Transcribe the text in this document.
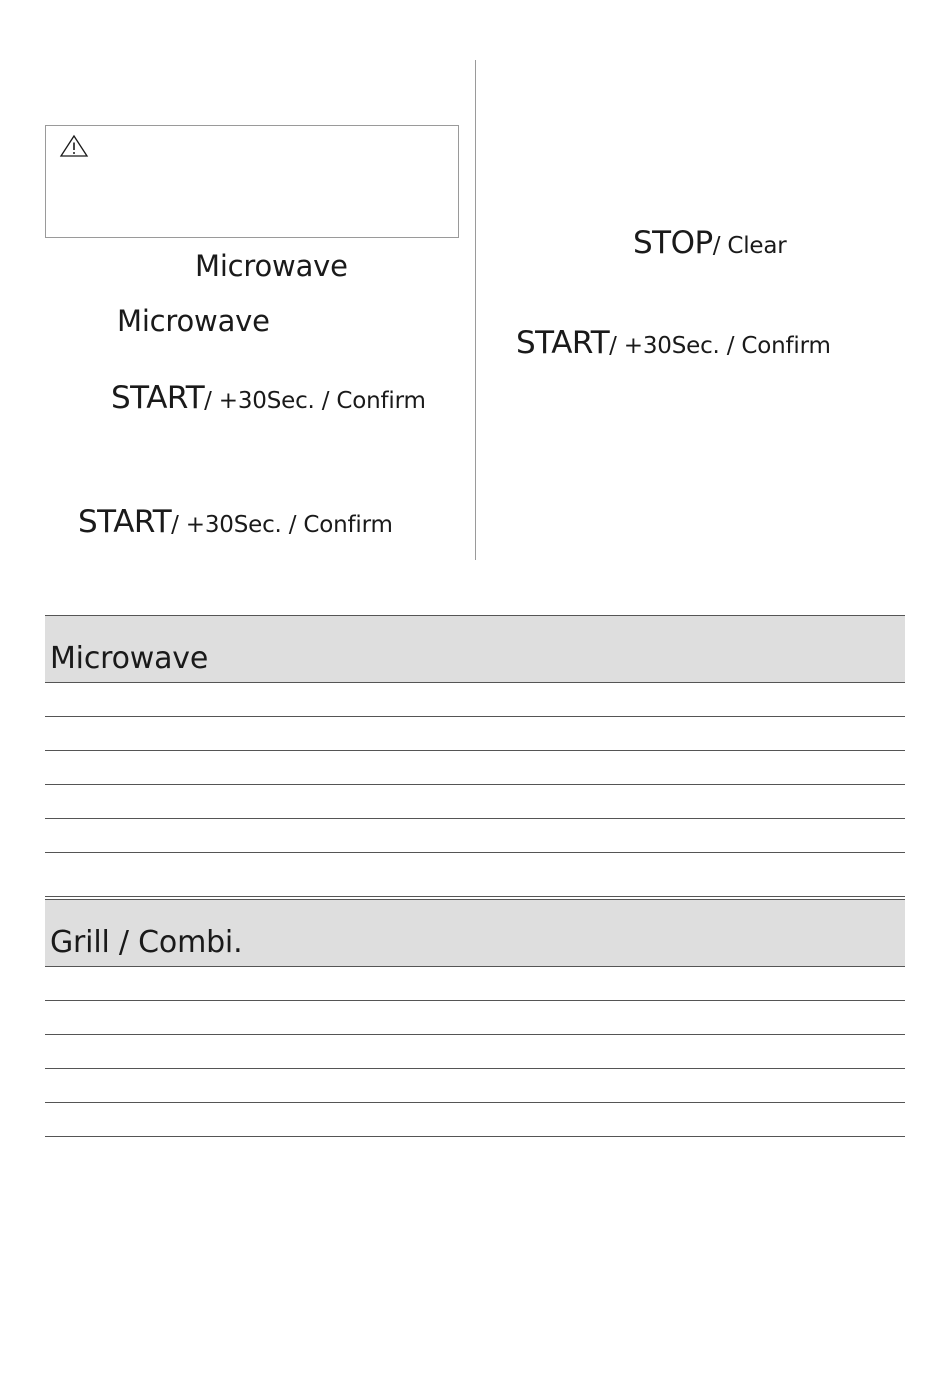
Microwave
Microwave
START/ +30Sec. / Confirm
START/ +30Sec. / Confirm
STOP/ Clear
START/ +30Sec. / Confirm
Microwave
Grill / Combi.
